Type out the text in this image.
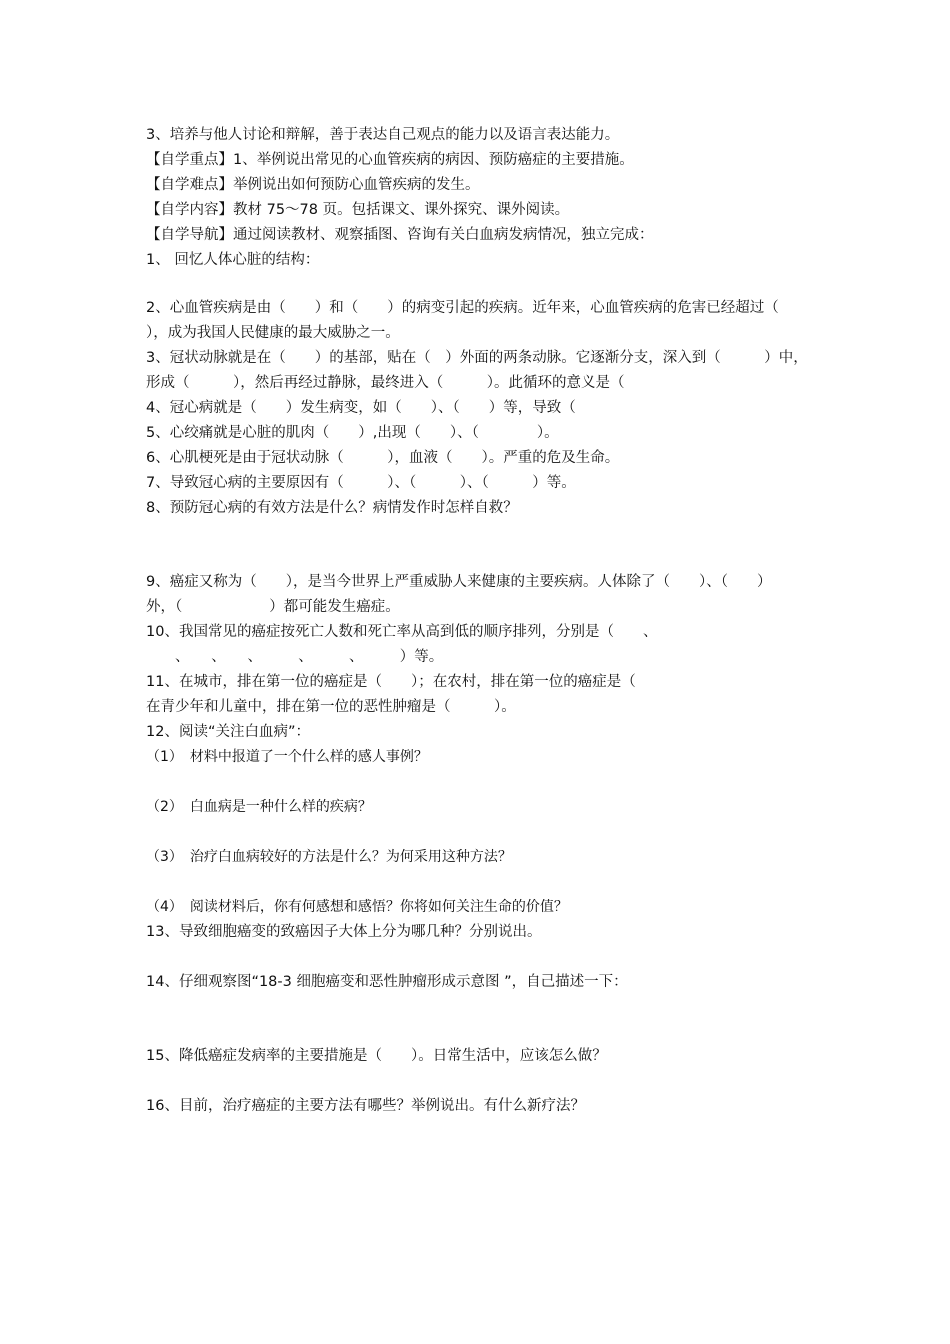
3、培养与他人讨论和辩解，善于表达自己观点的能力以及语言表达能力。
【自学重点】1、举例说出常见的心血管疾病的病因、预防癌症的主要措施。
【自学难点】举例说出如何预防心血管疾病的发生。
【自学内容】教材 75～78 页。包括课文、课外探究、课外阅读。
【自学导航】通过阅读教材、观察插图、咨询有关白血病发病情况，独立完成：
1、 回忆人体心脏的结构：
2、心血管疾病是由（　　）和（　　）的病变引起的疾病。近年来，心血管疾病的危害已经超过（
），成为我国人民健康的最大威胁之一。
3、冠状动脉就是在（　　）的基部，贴在（　）外面的两条动脉。它逐渐分支，深入到（　　　）中，
形成（　　　），然后再经过静脉，最终进入（　　　）。此循环的意义是（
4、冠心病就是（　　）发生病变，如（　　）、（　　）等，导致（
5、心绞痛就是心脏的肌肉（　　）,出现（　　）、（　　　　）。
6、心肌梗死是由于冠状动脉（　　　），血液（　　）。严重的危及生命。
7、导致冠心病的主要原因有（　　　）、（　　　）、（　　　）等。
8、预防冠心病的有效方法是什么？病情发作时怎样自救？
9、癌症又称为（　　），是当今世界上严重威胁人来健康的主要疾病。人体除了（　　）、（　　）
外，（　　　　　　）都可能发生癌症。
10、我国常见的癌症按死亡人数和死亡率从高到低的顺序排列，分别是（　　、
　　、　　、　　、　　　、　　　、　　　）等。
11、在城市，排在第一位的癌症是（　　）；在农村，排在第一位的癌症是（
在青少年和儿童中，排在第一位的恶性肿瘤是（　　　）。
12、阅读“关注白血病”：
（1）　材料中报道了一个什么样的感人事例？
（2）　白血病是一种什么样的疾病？
（3）　治疗白血病较好的方法是什么？为何采用这种方法？
（4）　阅读材料后，你有何感想和感悟？你将如何关注生命的价值？
13、导致细胞癌变的致癌因子大体上分为哪几种？分别说出。
14、仔细观察图“18-3 细胞癌变和恶性肿瘤形成示意图 ”，自己描述一下：
15、降低癌症发病率的主要措施是（　　）。日常生活中，应该怎么做？
16、目前，治疗癌症的主要方法有哪些？举例说出。有什么新疗法？
